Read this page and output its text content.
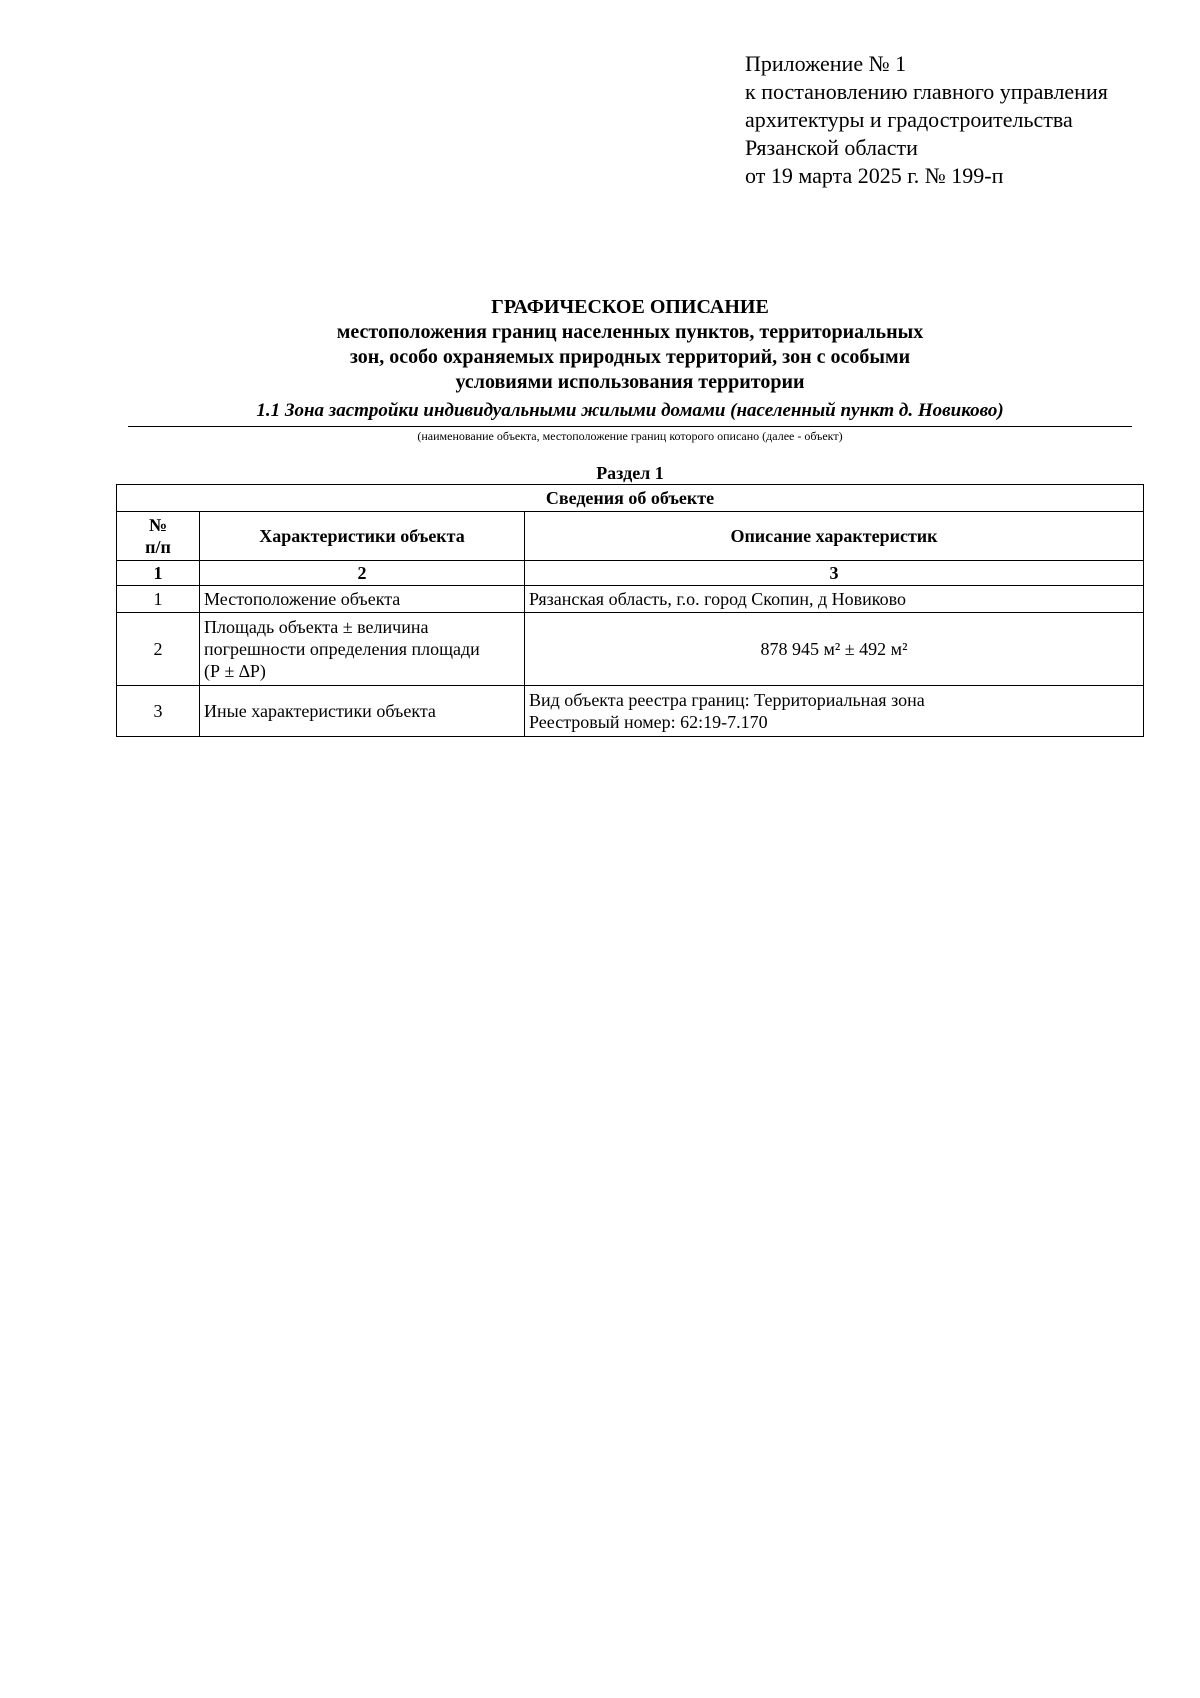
Приложение № 1
к постановлению главного управления
архитектуры и градостроительства
Рязанской области
от 19 марта 2025 г. № 199-п
ГРАФИЧЕСКОЕ ОПИСАНИЕ
местоположения границ населенных пунктов, территориальных
зон, особо охраняемых природных территорий, зон с особыми
условиями использования территории
1.1 Зона застройки индивидуальными жилыми домами (населенный пункт д. Новиково)
(наименование объекта, местоположение границ которого описано (далее - объект)
Раздел 1
Сведения об объекте		

№
п/п	Характеристики объекта	Описание характеристик
1	2	3
1	Местоположение объекта	Рязанская область, г.о. город Скопин, д Новиково

2	Площадь объекта ± величина
погрешности определения площади
(Р ± ∆Р)	878 945 м² ± 492 м²

3	Иные характеристики объекта	Вид объекта реестра границ: Территориальная зона
Реестровый номер: 62:19-7.170
